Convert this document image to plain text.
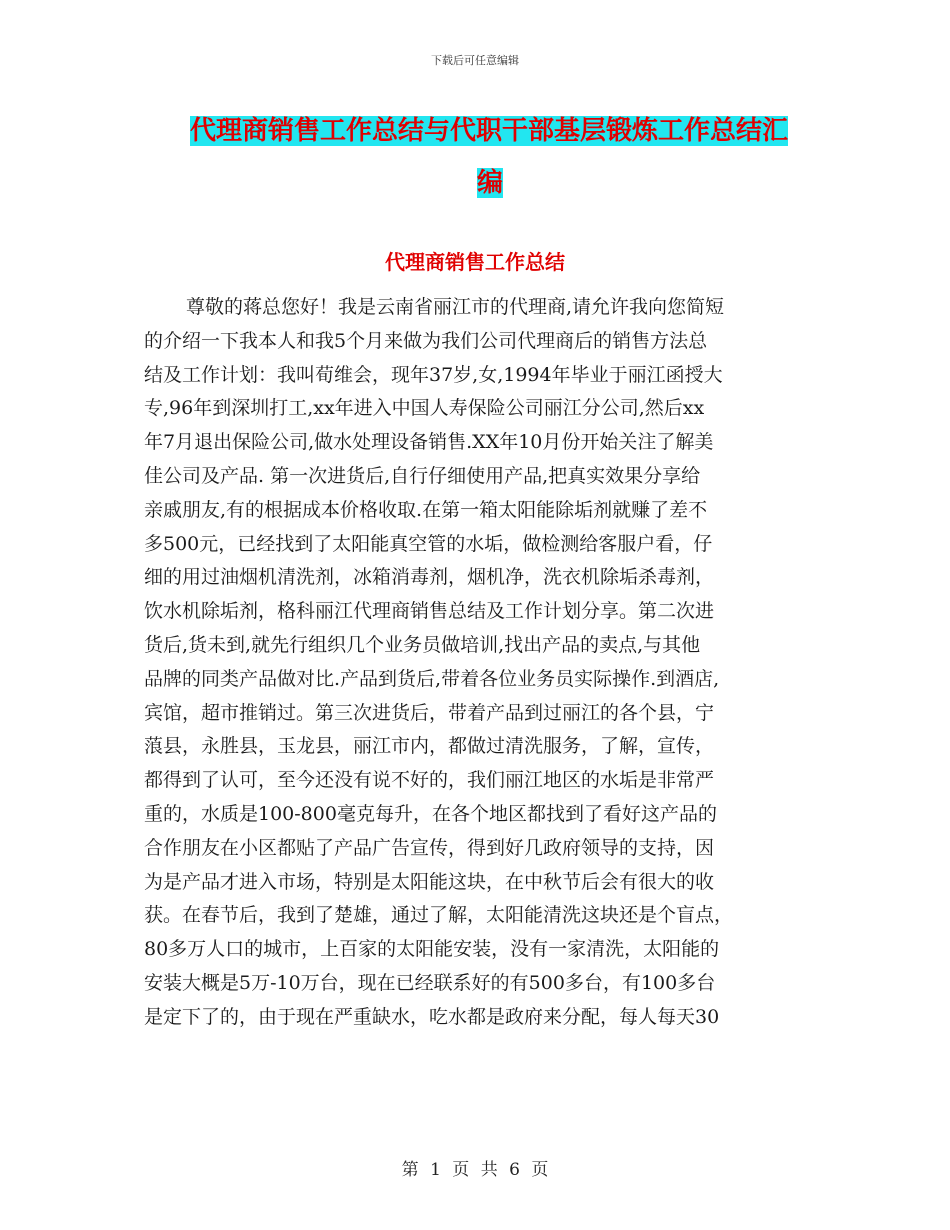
下载后可任意编辑
代理商销售工作总结与代职干部基层锻炼工作总结汇
编
代理商销售工作总结
尊敬的蒋总您好！我是云南省丽江市的代理商,请允许我向您简短
的介绍一下我本人和我5个月来做为我们公司代理商后的销售方法总
结及工作计划：我叫荀维会，现年37岁,女,1994年毕业于丽江函授大
专,96年到深圳打工,xx年进入中国人寿保险公司丽江分公司,然后xx
年7月退出保险公司,做水处理设备销售.XX年10月份开始关注了解美
佳公司及产品. 第一次进货后,自行仔细使用产品,把真实效果分享给
亲戚朋友,有的根据成本价格收取.在第一箱太阳能除垢剂就赚了差不
多500元，已经找到了太阳能真空管的水垢，做检测给客服户看，仔
细的用过油烟机清洗剂，冰箱消毒剂，烟机净，洗衣机除垢杀毒剂，
饮水机除垢剂，格科丽江代理商销售总结及工作计划分享。第二次进
货后,货未到,就先行组织几个业务员做培训,找出产品的卖点,与其他
品牌的同类产品做对比.产品到货后,带着各位业务员实际操作.到酒店,
宾馆，超市推销过。第三次进货后，带着产品到过丽江的各个县，宁
蒗县，永胜县，玉龙县，丽江市内，都做过清洗服务，了解，宣传，
都得到了认可，至今还没有说不好的，我们丽江地区的水垢是非常严
重的，水质是100-800毫克每升，在各个地区都找到了看好这产品的
合作朋友在小区都贴了产品广告宣传，得到好几政府领导的支持，因
为是产品才进入市场，特别是太阳能这块，在中秋节后会有很大的收
获。在春节后，我到了楚雄，通过了解，太阳能清洗这块还是个盲点，
80多万人口的城市，上百家的太阳能安装，没有一家清洗，太阳能的
安装大概是5万-10万台，现在已经联系好的有500多台，有100多台
是定下了的，由于现在严重缺水，吃水都是政府来分配，每人每天30
第 1 页 共 6 页
